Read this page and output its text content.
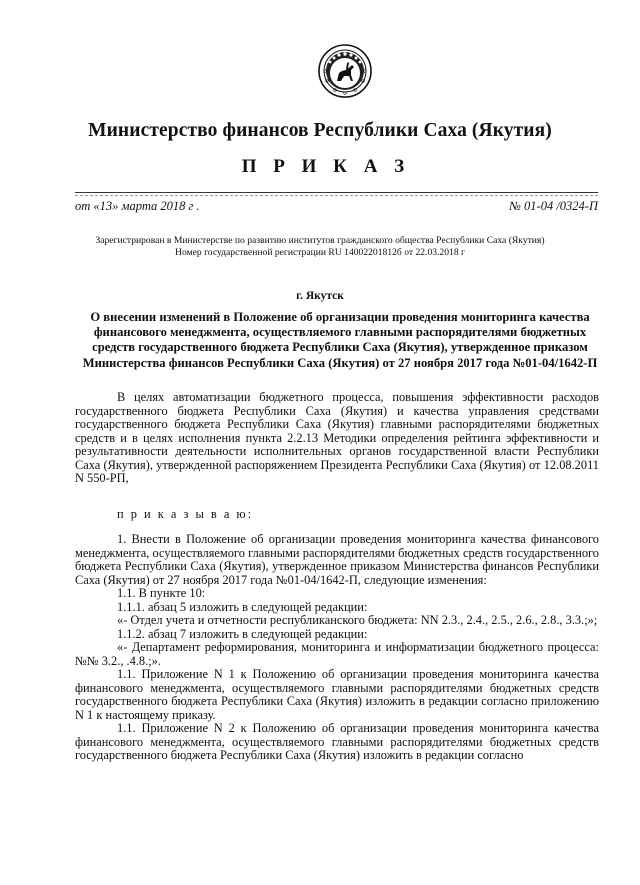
Министерство финансов Республики Саха (Якутия)
П Р И К А З
от «13» марта 2018 г .	№ 01-04 /0324-П
Зарегистрирован в Министерстве по развитию институтов гражданского общества Республики Саха (Якутия)
Номер государственной регистрации RU 14002201812б от 22.03.2018 г
г. Якутск
О внесении изменений в Положение об организации проведения мониторинга качества финансового менеджмента, осуществляемого главными распорядителями бюджетных средств государственного бюджета Республики Саха (Якутия), утвержденное приказом Министерства финансов Республики Саха (Якутия) от 27 ноября 2017 года №01-04/1642-П

В целях автоматизации бюджетного процесса, повышения эффективности расходов государственного бюджета Республики Саха (Якутия) и качества управления средствами государственного бюджета Республики Саха (Якутия) главными распорядителями бюджетных средств и в целях исполнения пункта 2.2.13 Методики определения рейтинга эффективности и результативности деятельности исполнительных органов государственной власти Республики Саха (Якутия), утвержденной распоряжением Президента Республики Саха (Якутия) от 12.08.2011 N 550-РП,

п р и к а з ы в а ю:

1. Внести в Положение об организации проведения мониторинга качества финансового менеджмента, осуществляемого главными распорядителями бюджетных средств государственного бюджета Республики Саха (Якутия), утвержденное приказом Министерства финансов Республики Саха (Якутия) от 27 ноября 2017 года №01-04/1642-П, следующие изменения:

1.1. В пункте 10:

1.1.1. абзац 5 изложить в следующей редакции:

«- Отдел учета и отчетности республиканского бюджета: NN 2.3., 2.4., 2.5., 2.6., 2.8., 3.3.;»;

1.1.2. абзац 7 изложить в следующей редакции:

«- Департамент реформирования, мониторинга и информатизации бюджетного процесса: №№ 3.2., .4.8.;».

1.1. Приложение N 1 к Положению об организации проведения мониторинга качества финансового менеджмента, осуществляемого главными распорядителями бюджетных средств государственного бюджета Республики Саха (Якутия) изложить в редакции согласно приложению N 1 к настоящему приказу.

1.1. Приложение N 2 к Положению об организации проведения мониторинга качества финансового менеджмента, осуществляемого главными распорядителями бюджетных средств государственного бюджета Республики Саха (Якутия) изложить в редакции согласно
